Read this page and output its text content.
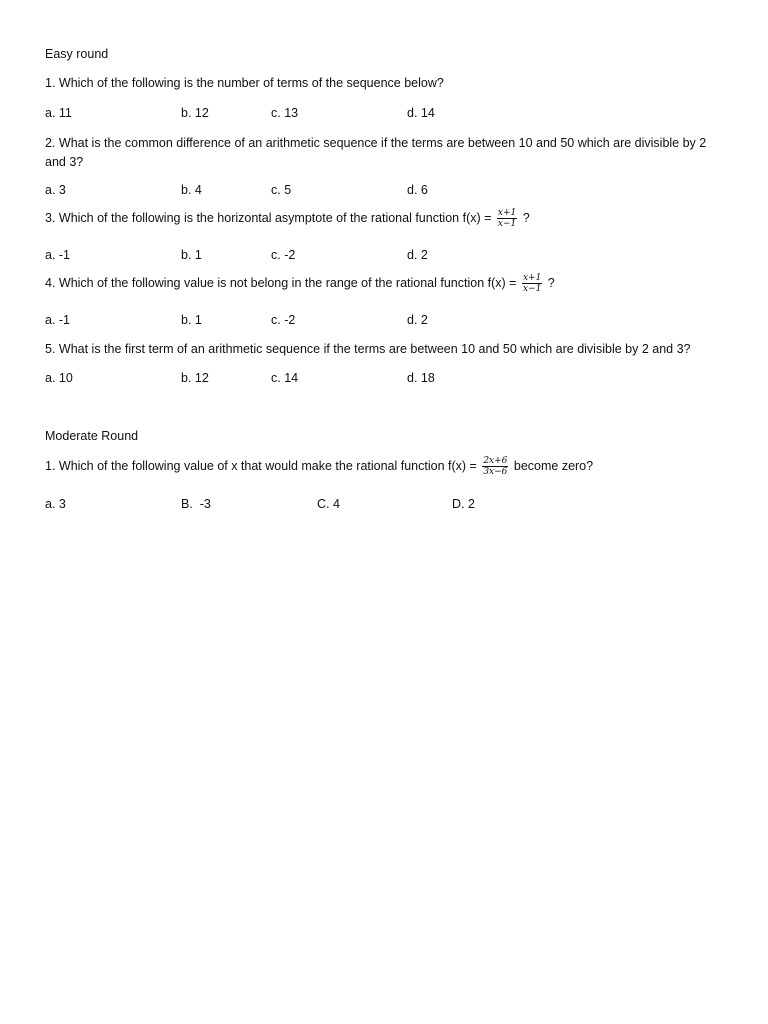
Easy round
1. Which of the following is the number of terms of the sequence below?
a. 11	b. 12	c. 13	d. 14
2. What is the common difference of an arithmetic sequence if the terms are between 10 and 50 which are divisible by 2 and 3?
a. 3	b. 4	c. 5	d. 6
3. Which of the following is the horizontal asymptote of the rational function $f(x) = \frac{x+1}{x-1}$ ?
a. -1	b. 1	c. -2	d. 2
4. Which of the following value is not belong in the range of the rational function $f(x) = \frac{x+1}{x-1}$ ?
a. -1	b. 1	c. -2	d. 2
5. What is the first term of an arithmetic sequence if the terms are between 10 and 50 which are divisible by 2 and 3?
a. 10	b. 12	c. 14	d. 18
Moderate Round
1. Which of the following value of x that would make the rational function $f(x) = \frac{2x+6}{3x-6}$ become zero?
a. 3	B.  -3	C. 4	D. 2
